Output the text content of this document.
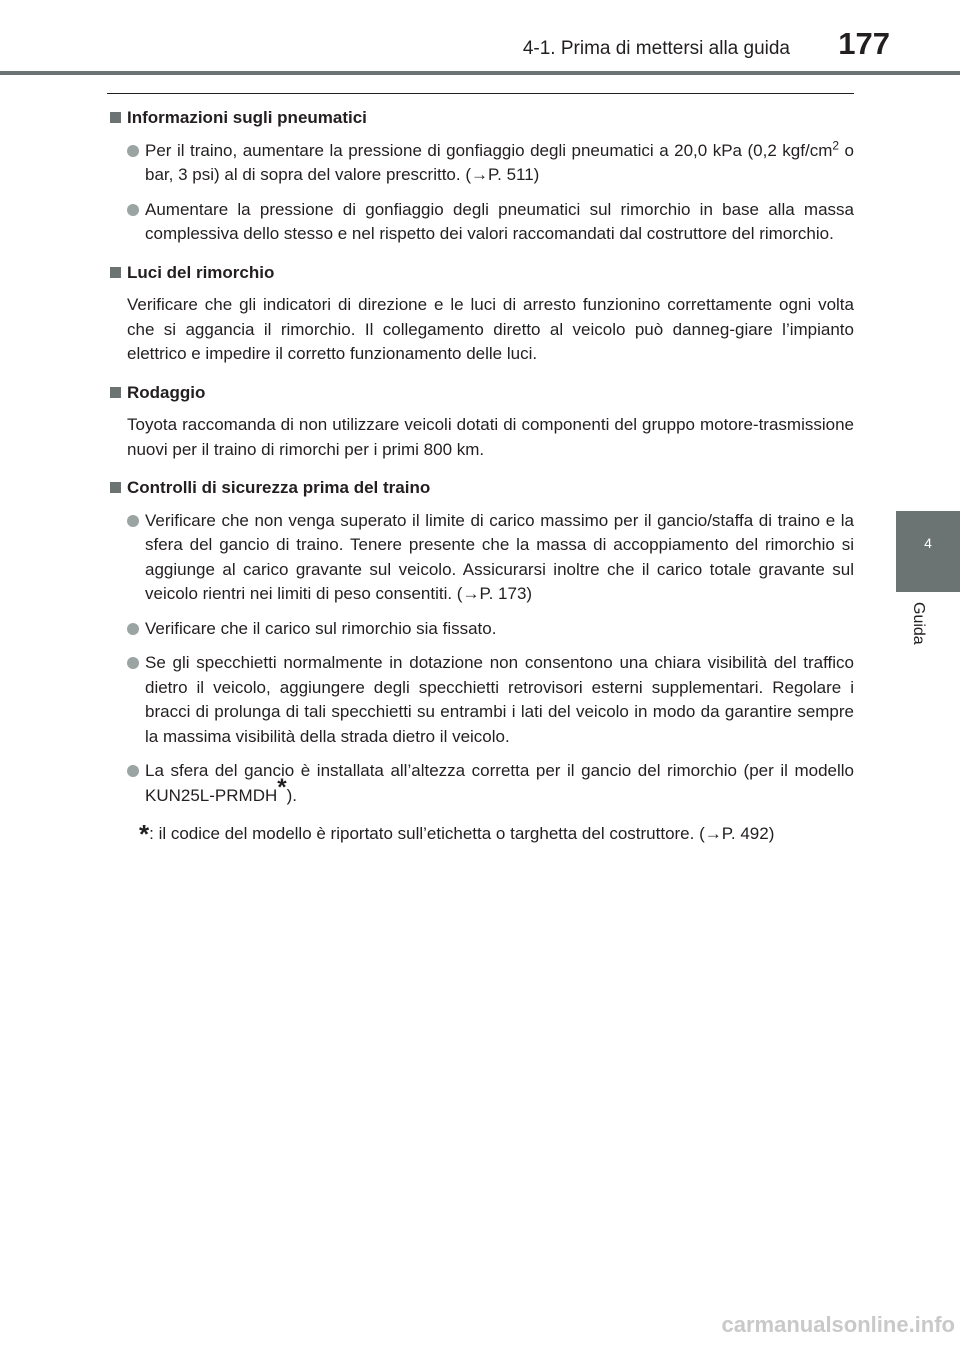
4-1. Prima di mettersi alla guida	177
4
Guida
Informazioni sugli pneumatici
Per il traino, aumentare la pressione di gonfiaggio degli pneumatici a 20,0 kPa (0,2 kgf/$cm^2$ o bar, 3 psi) al di sopra del valore prescritto. (→P. 511)
Aumentare la pressione di gonfiaggio degli pneumatici sul rimorchio in base alla massa complessiva dello stesso e nel rispetto dei valori raccomandati dal costruttore del rimorchio.
Luci del rimorchio
Verificare che gli indicatori di direzione e le luci di arresto funzionino correttamente ogni volta che si aggancia il rimorchio. Il collegamento diretto al veicolo può danneg-giare l’impianto elettrico e impedire il corretto funzionamento delle luci.
Rodaggio
Toyota raccomanda di non utilizzare veicoli dotati di componenti del gruppo motore-trasmissione nuovi per il traino di rimorchi per i primi 800 km.
Controlli di sicurezza prima del traino
Verificare che non venga superato il limite di carico massimo per il gancio/staffa di traino e la sfera del gancio di traino. Tenere presente che la massa di accoppiamento del rimorchio si aggiunge al carico gravante sul veicolo. Assicurarsi inoltre che il carico totale gravante sul veicolo rientri nei limiti di peso consentiti. (→P. 173)
Verificare che il carico sul rimorchio sia fissato.
Se gli specchietti normalmente in dotazione non consentono una chiara visibilità del traffico dietro il veicolo, aggiungere degli specchietti retrovisori esterni supplementari. Regolare i bracci di prolunga di tali specchietti su entrambi i lati del veicolo in modo da garantire sempre la massima visibilità della strada dietro il veicolo.
La sfera del gancio è installata all’altezza corretta per il gancio del rimorchio (per il modello KUN25L-PRMDH*).
*: il codice del modello è riportato sull’etichetta o targhetta del costruttore. (→P. 492)
carmanualsonline.info
